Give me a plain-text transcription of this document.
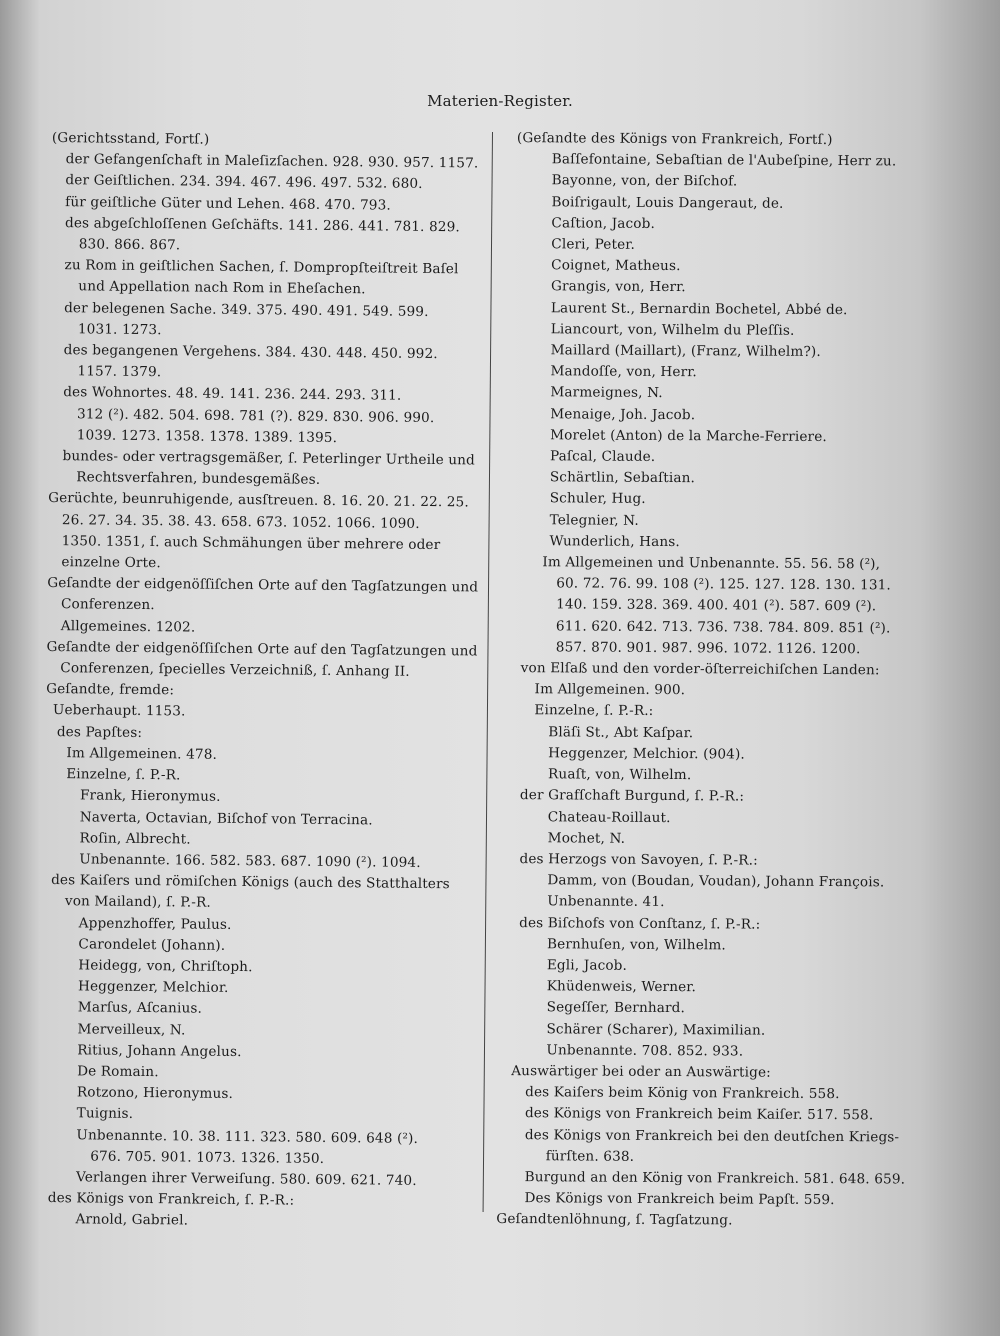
Materien-Register.
(Gerichtsstand, Fortſ.)
der Gefangenſchaft in Maleſizſachen. 928. 930. 957. 1157.
der Geiſtlichen. 234. 394. 467. 496. 497. 532. 680.
für geiſtliche Güter und Lehen. 468. 470. 793.
des abgeſchloſſenen Geſchäfts. 141. 286. 441. 781. 829.
830. 866. 867.
zu Rom in geiſtlichen Sachen, ſ. Dompropſteiſtreit Baſel
und Appellation nach Rom in Eheſachen.
der belegenen Sache. 349. 375. 490. 491. 549. 599.
1031. 1273.
des begangenen Vergehens. 384. 430. 448. 450. 992.
1157. 1379.
des Wohnortes. 48. 49. 141. 236. 244. 293. 311.
312 (²). 482. 504. 698. 781 (?). 829. 830. 906. 990.
1039. 1273. 1358. 1378. 1389. 1395.
bundes- oder vertragsgemäßer, ſ. Peterlinger Urtheile und
Rechtsverfahren, bundesgemäßes.
Gerüchte, beunruhigende, ausſtreuen. 8. 16. 20. 21. 22. 25.
26. 27. 34. 35. 38. 43. 658. 673. 1052. 1066. 1090.
1350. 1351, ſ. auch Schmähungen über mehrere oder
einzelne Orte.
Geſandte der eidgenöſſiſchen Orte auf den Tagſatzungen und
Conferenzen.
Allgemeines. 1202.
Geſandte der eidgenöſſiſchen Orte auf den Tagſatzungen und
Conferenzen, ſpecielles Verzeichniß, ſ. Anhang II.
Geſandte, fremde:
Ueberhaupt. 1153.
des Papſtes:
Im Allgemeinen. 478.
Einzelne, ſ. P.-R.
Frank, Hieronymus.
Naverta, Octavian, Biſchof von Terracina.
Roſin, Albrecht.
Unbenannte. 166. 582. 583. 687. 1090 (²). 1094.
des Kaiſers und römiſchen Königs (auch des Statthalters
von Mailand), ſ. P.-R.
Appenzhoffer, Paulus.
Carondelet (Johann).
Heidegg, von, Chriſtoph.
Heggenzer, Melchior.
Marſus, Aſcanius.
Merveilleux, N.
Ritius, Johann Angelus.
De Romain.
Rotzono, Hieronymus.
Tuignis.
Unbenannte. 10. 38. 111. 323. 580. 609. 648 (²).
676. 705. 901. 1073. 1326. 1350.
Verlangen ihrer Verweiſung. 580. 609. 621. 740.
des Königs von Frankreich, ſ. P.-R.:
Arnold, Gabriel.
(Geſandte des Königs von Frankreich, Fortſ.)
Baſſefontaine, Sebaſtian de l'Aubeſpine, Herr zu.
Bayonne, von, der Biſchof.
Boiſrigault, Louis Dangeraut, de.
Caſtion, Jacob.
Cleri, Peter.
Coignet, Matheus.
Grangis, von, Herr.
Laurent St., Bernardin Bochetel, Abbé de.
Liancourt, von, Wilhelm du Pleſſis.
Maillard (Maillart), (Franz, Wilhelm?).
Mandoſſe, von, Herr.
Marmeignes, N.
Menaige, Joh. Jacob.
Morelet (Anton) de la Marche-Ferriere.
Paſcal, Claude.
Schärtlin, Sebaſtian.
Schuler, Hug.
Telegnier, N.
Wunderlich, Hans.
Im Allgemeinen und Unbenannte. 55. 56. 58 (²),
60. 72. 76. 99. 108 (²). 125. 127. 128. 130. 131.
140. 159. 328. 369. 400. 401 (²). 587. 609 (²).
611. 620. 642. 713. 736. 738. 784. 809. 851 (²).
857. 870. 901. 987. 996. 1072. 1126. 1200.
von Elſaß und den vorder-öſterreichiſchen Landen:
Im Allgemeinen. 900.
Einzelne, ſ. P.-R.:
Bläſi St., Abt Kaſpar.
Heggenzer, Melchior. (904).
Ruaſt, von, Wilhelm.
der Grafſchaft Burgund, ſ. P.-R.:
Chateau-Roillaut.
Mochet, N.
des Herzogs von Savoyen, ſ. P.-R.:
Damm, von (Boudan, Voudan), Johann François.
Unbenannte. 41.
des Biſchofs von Conſtanz, ſ. P.-R.:
Bernhuſen, von, Wilhelm.
Egli, Jacob.
Khüdenweis, Werner.
Segeſſer, Bernhard.
Schärer (Scharer), Maximilian.
Unbenannte. 708. 852. 933.
Auswärtiger bei oder an Auswärtige:
des Kaiſers beim König von Frankreich. 558.
des Königs von Frankreich beim Kaiſer. 517. 558.
des Königs von Frankreich bei den deutſchen Kriegs-
fürſten. 638.
Burgund an den König von Frankreich. 581. 648. 659.
Des Königs von Frankreich beim Papſt. 559.
Geſandtenlöhnung, ſ. Tagſatzung.
